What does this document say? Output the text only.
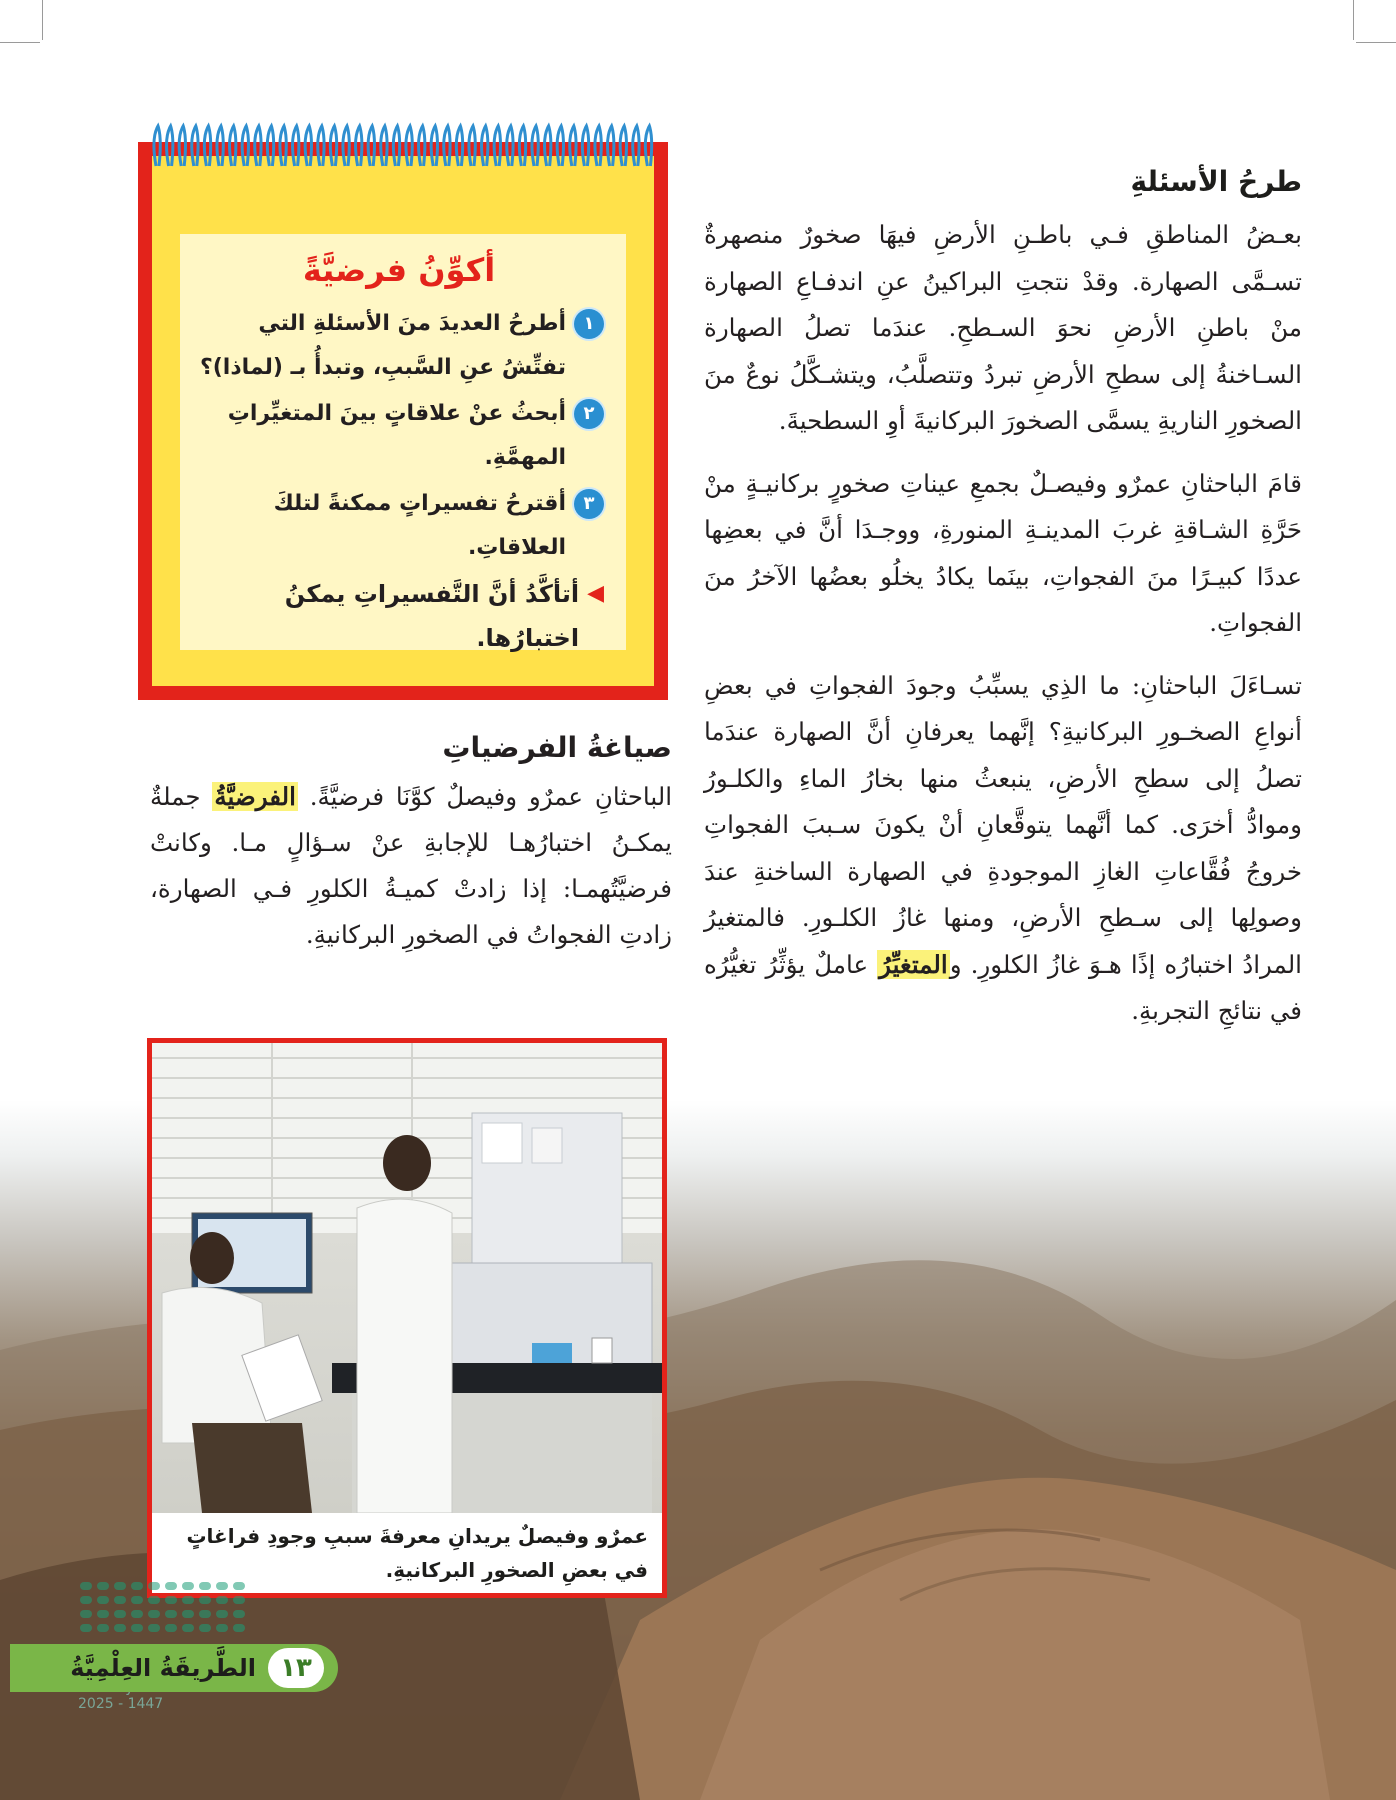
طرحُ الأسئلةِ

بعـضُ المناطقِ فـي باطـنِ الأرضِ فيهَا صخورٌ منصهرةٌ تسـمَّى الصهارة. وقدْ نتجتِ البراكينُ عنِ اندفـاعِ الصهارة منْ باطنِ الأرضِ نحوَ السـطحِ. عندَما تصلُ الصهارة السـاخنةُ إلى سطحِ الأرضِ تبردُ وتتصلَّبُ، ويتشـكَّلُ نوعٌ منَ الصخورِ الناريةِ يسمَّى الصخورَ البركانيةَ أوِ السطحيةَ.

قامَ الباحثانِ عمرٌو وفيصـلٌ بجمعِ عيناتِ صخورٍ بركانيـةٍ منْ حَرَّةِ الشـاقةِ غربَ المدينـةِ المنورةِ، ووجـدَا أنَّ في بعضِها عددًا كبيـرًا منَ الفجواتِ، بينَما يكادُ يخلُو بعضُها الآخرُ منَ الفجواتِ.

تسـاءَلَ الباحثانِ: ما الذِي يسبِّبُ وجودَ الفجواتِ في بعضِ أنواعِ الصخـورِ البركانيةِ؟ إنَّهما يعرفانِ أنَّ الصهارة عندَما تصلُ إلى سطحِ الأرضِ، ينبعثُ منها بخارُ الماءِ والكلـورُ وموادُّ أخرَى. كما أنَّهما يتوقَّعانِ أنْ يكونَ سـببَ الفجواتِ خروجُ فُقَّاعاتِ الغازِ الموجودةِ في الصهارة الساخنةِ عندَ وصولِها إلى سـطحِ الأرضِ، ومنها غازُ الكلـورِ. فالمتغيرُ المرادُ اختبارُه إذًا هـوَ غازُ الكلورِ. والمتغيِّرُ عاملٌ يؤثِّرُ تغيُّرُه في نتائجِ التجربةِ.

أكوِّنُ فرضيَّةً
١
أطرحُ العديدَ منَ الأسئلةِ التي تفتِّشُ عنِ السَّببِ، وتبدأُ بـ (لماذا)؟
٢
أبحثُ عنْ علاقاتٍ بينَ المتغيِّراتِ المهمَّةِ.
٣
أقترحُ تفسيراتٍ ممكنةً لتلكَ العلاقاتِ.
◀
أتأكَّدُ أنَّ التَّفسيراتِ يمكنُ اختبارُها.
صياغةُ الفرضياتِ

الباحثانِ عمرٌو وفيصلٌ كوَّنَا فرضيَّةً. الفرضيَّةُ جملةٌ يمكـنُ اختبارُهـا للإجابةِ عنْ سـؤالٍ مـا. وكانتْ فرضيَّتُهمـا: إذا زادتْ كميـةُ الكلورِ فـي الصهارة، زادتِ الفجواتُ في الصخورِ البركانيةِ.

عمرٌو وفيصلٌ يريدانِ معرفةَ سببِ وجودِ فراغاتٍ في بعضِ الصخورِ البركانيةِ.
2025 - 1447
١٣
الطَّريقَةُ العِلْمِيَّةُ
